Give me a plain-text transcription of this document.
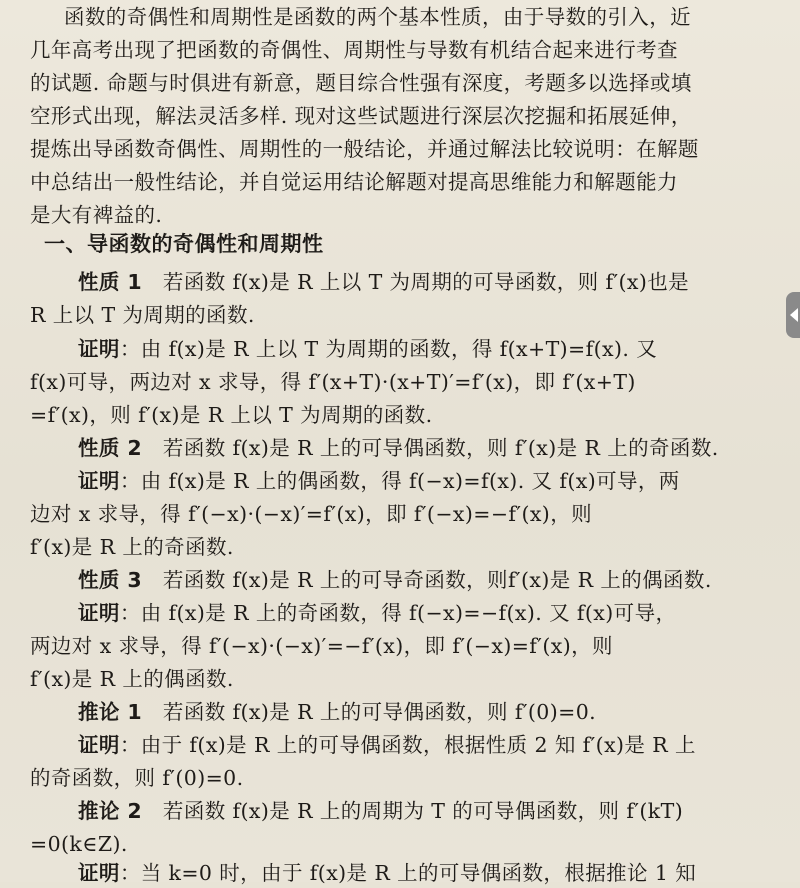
函数的奇偶性和周期性是函数的两个基本性质，由于导数的引入，近
几年高考出现了把函数的奇偶性、周期性与导数有机结合起来进行考查
的试题. 命题与时俱进有新意，题目综合性强有深度，考题多以选择或填
空形式出现，解法灵活多样. 现对这些试题进行深层次挖掘和拓展延伸，
提炼出导函数奇偶性、周期性的一般结论，并通过解法比较说明：在解题
中总结出一般性结论，并自觉运用结论解题对提高思维能力和解题能力
是大有裨益的.
一、导函数的奇偶性和周期性
性质 1　 若函数 f(x)是 R 上以 T 为周期的可导函数，则 f′(x)也是
R 上以 T 为周期的函数.
证明：由 f(x)是 R 上以 T 为周期的函数，得 f(x+T)=f(x). 又
f(x)可导，两边对 x 求导，得 f′(x+T)·(x+T)′=f′(x)，即 f′(x+T)
=f′(x)，则 f′(x)是 R 上以 T 为周期的函数.
性质 2　 若函数 f(x)是 R 上的可导偶函数，则 f′(x)是 R 上的奇函数.
证明：由 f(x)是 R 上的偶函数，得 f(−x)=f(x). 又 f(x)可导，两
边对 x 求导，得 f′(−x)·(−x)′=f′(x)，即 f′(−x)=−f′(x)，则
f′(x)是 R 上的奇函数.
性质 3　 若函数 f(x)是 R 上的可导奇函数，则f′(x)是 R 上的偶函数.
证明：由 f(x)是 R 上的奇函数，得 f(−x)=−f(x). 又 f(x)可导，
两边对 x 求导，得 f′(−x)·(−x)′=−f′(x)，即 f′(−x)=f′(x)，则
f′(x)是 R 上的偶函数.
推论 1　 若函数 f(x)是 R 上的可导偶函数，则 f′(0)=0.
证明：由于 f(x)是 R 上的可导偶函数，根据性质 2 知 f′(x)是 R 上
的奇函数，则 f′(0)=0.
推论 2　 若函数 f(x)是 R 上的周期为 T 的可导偶函数，则 f′(kT)
=0(k∈Z).
证明：当 k=0 时，由于 f(x)是 R 上的可导偶函数，根据推论 1 知
